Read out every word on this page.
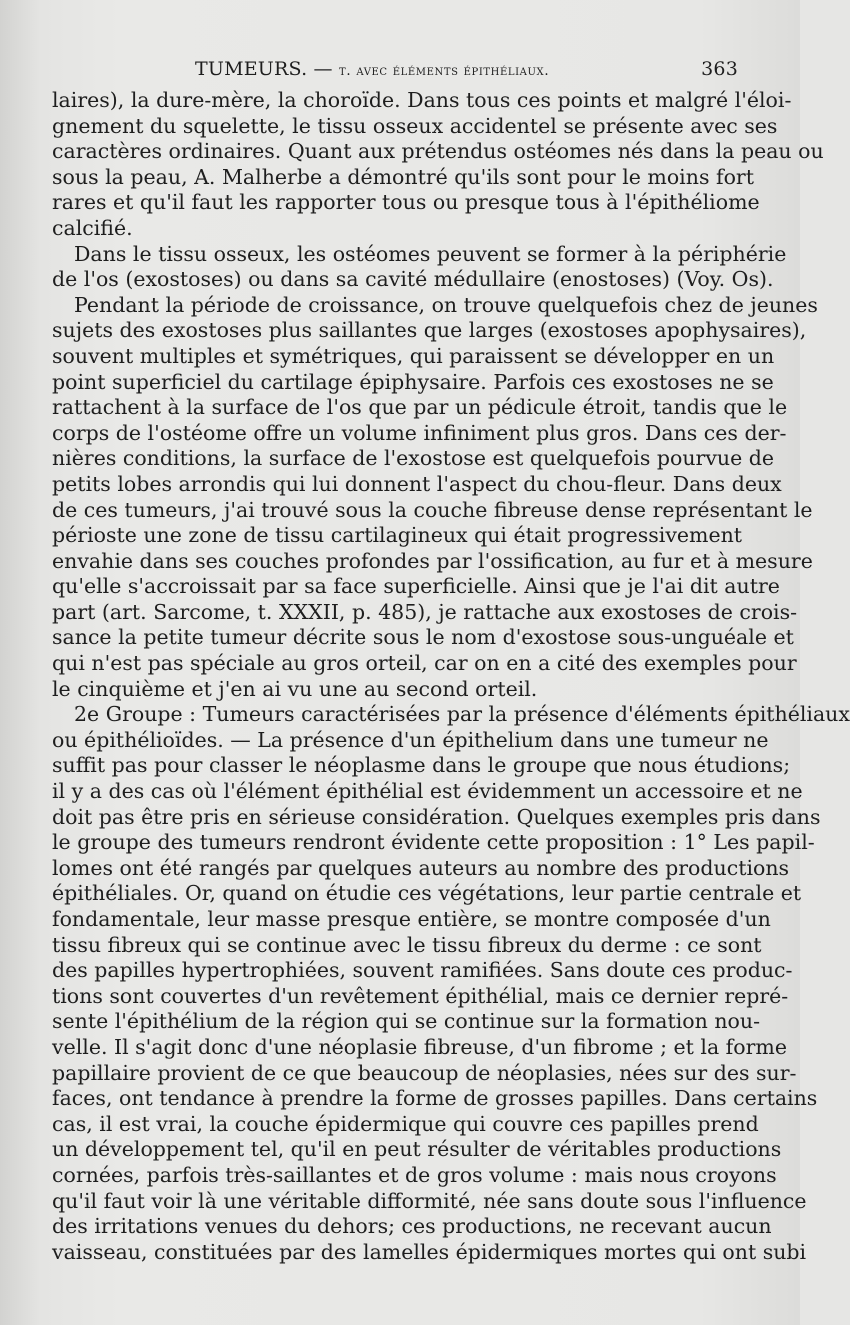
TUMEURS. — t. avec éléments épithéliaux.	363
laires), la dure-mère, la choroïde. Dans tous ces points et malgré l'éloi-
gnement du squelette, le tissu osseux accidentel se présente avec ses
caractères ordinaires. Quant aux prétendus ostéomes nés dans la peau ou
sous la peau, A. Malherbe a démontré qu'ils sont pour le moins fort
rares et qu'il faut les rapporter tous ou presque tous à l'épithéliome
calcifié.
Dans le tissu osseux, les ostéomes peuvent se former à la périphérie
de l'os (exostoses) ou dans sa cavité médullaire (enostoses) (Voy. Os).
Pendant la période de croissance, on trouve quelquefois chez de jeunes
sujets des exostoses plus saillantes que larges (exostoses apophysaires),
souvent multiples et symétriques, qui paraissent se développer en un
point superficiel du cartilage épiphysaire. Parfois ces exostoses ne se
rattachent à la surface de l'os que par un pédicule étroit, tandis que le
corps de l'ostéome offre un volume infiniment plus gros. Dans ces der-
nières conditions, la surface de l'exostose est quelquefois pourvue de
petits lobes arrondis qui lui donnent l'aspect du chou-fleur. Dans deux
de ces tumeurs, j'ai trouvé sous la couche fibreuse dense représentant le
périoste une zone de tissu cartilagineux qui était progressivement
envahie dans ses couches profondes par l'ossification, au fur et à mesure
qu'elle s'accroissait par sa face superficielle. Ainsi que je l'ai dit autre
part (art. Sarcome, t. XXXII, p. 485), je rattache aux exostoses de crois-
sance la petite tumeur décrite sous le nom d'exostose sous-unguéale et
qui n'est pas spéciale au gros orteil, car on en a cité des exemples pour
le cinquième et j'en ai vu une au second orteil.
2e Groupe : Tumeurs caractérisées par la présence d'éléments épithéliaux
ou épithélioïdes. — La présence d'un épithelium dans une tumeur ne
suffit pas pour classer le néoplasme dans le groupe que nous étudions;
il y a des cas où l'élément épithélial est évidemment un accessoire et ne
doit pas être pris en sérieuse considération. Quelques exemples pris dans
le groupe des tumeurs rendront évidente cette proposition : 1° Les papil-
lomes ont été rangés par quelques auteurs au nombre des productions
épithéliales. Or, quand on étudie ces végétations, leur partie centrale et
fondamentale, leur masse presque entière, se montre composée d'un
tissu fibreux qui se continue avec le tissu fibreux du derme : ce sont
des papilles hypertrophiées, souvent ramifiées. Sans doute ces produc-
tions sont couvertes d'un revêtement épithélial, mais ce dernier repré-
sente l'épithélium de la région qui se continue sur la formation nou-
velle. Il s'agit donc d'une néoplasie fibreuse, d'un fibrome ; et la forme
papillaire provient de ce que beaucoup de néoplasies, nées sur des sur-
faces, ont tendance à prendre la forme de grosses papilles. Dans certains
cas, il est vrai, la couche épidermique qui couvre ces papilles prend
un développement tel, qu'il en peut résulter de véritables productions
cornées, parfois très-saillantes et de gros volume : mais nous croyons
qu'il faut voir là une véritable difformité, née sans doute sous l'influence
des irritations venues du dehors; ces productions, ne recevant aucun
vaisseau, constituées par des lamelles épidermiques mortes qui ont subi
